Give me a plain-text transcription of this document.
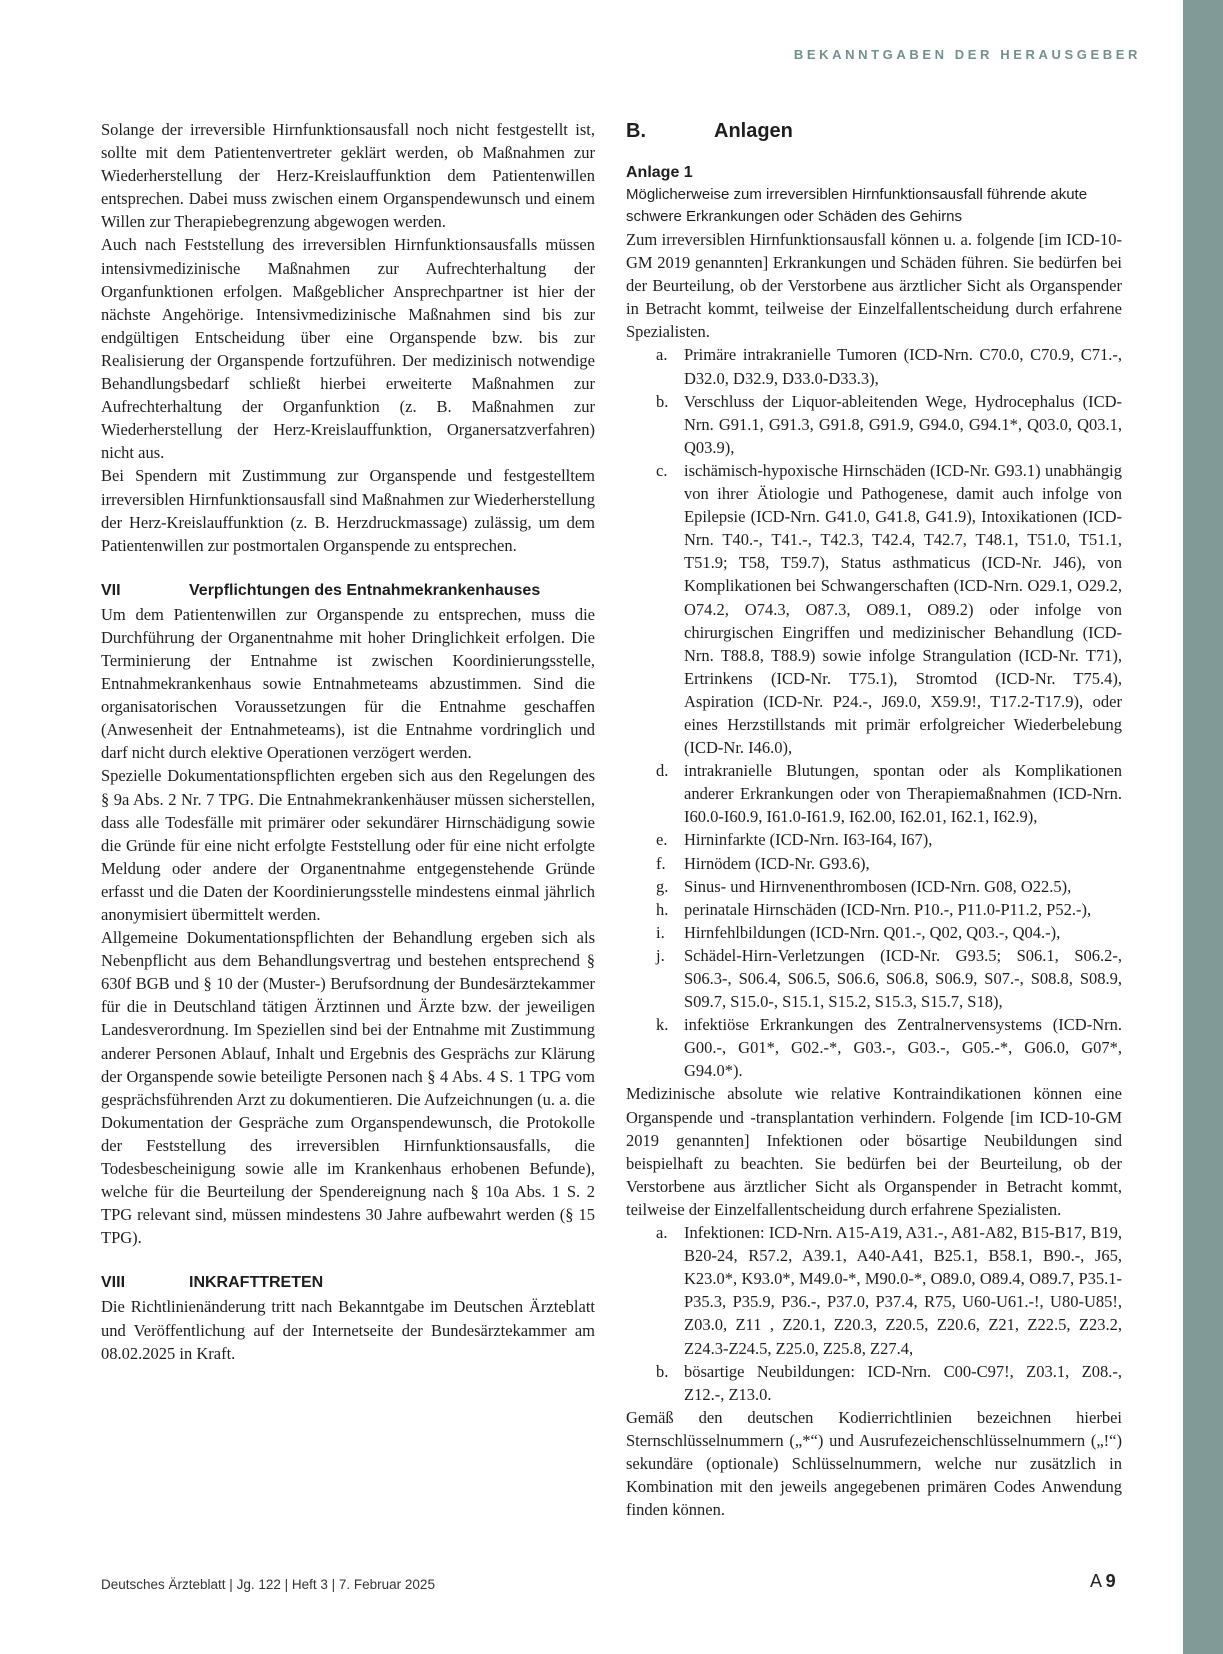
BEKANNTGABEN DER HERAUSGEBER

Solange der irreversible Hirnfunktionsausfall noch nicht festgestellt ist, sollte mit dem Patientenvertreter geklärt werden, ob Maßnahmen zur Wiederherstellung der Herz-Kreislauffunktion dem Patientenwillen entsprechen. Dabei muss zwischen einem Organspendewunsch und einem Willen zur Therapiebegrenzung abgewogen werden.

Auch nach Feststellung des irreversiblen Hirnfunktionsausfalls müssen intensivmedizinische Maßnahmen zur Aufrechterhaltung der Organfunktionen erfolgen. Maßgeblicher Ansprechpartner ist hier der nächste Angehörige. Intensivmedizinische Maßnahmen sind bis zur endgültigen Entscheidung über eine Organspende bzw. bis zur Realisierung der Organspende fortzuführen. Der medizinisch notwendige Behandlungsbedarf schließt hierbei erweiterte Maßnahmen zur Aufrechterhaltung der Organfunktion (z. B. Maßnahmen zur Wiederherstellung der Herz-Kreislauffunktion, Organersatzverfahren) nicht aus.

Bei Spendern mit Zustimmung zur Organspende und festgestelltem irreversiblen Hirnfunktionsausfall sind Maßnahmen zur Wiederherstellung der Herz-Kreislauffunktion (z. B. Herzdruckmassage) zulässig, um dem Patientenwillen zur postmortalen Organspende zu entsprechen.

VII	Verpflichtungen des Entnahmekrankenhauses

Um dem Patientenwillen zur Organspende zu entsprechen, muss die Durchführung der Organentnahme mit hoher Dringlichkeit erfolgen. Die Terminierung der Entnahme ist zwischen Koordinierungsstelle, Entnahmekrankenhaus sowie Entnahmeteams abzustimmen. Sind die organisatorischen Voraussetzungen für die Entnahme geschaffen (Anwesenheit der Entnahmeteams), ist die Entnahme vordringlich und darf nicht durch elektive Operationen verzögert werden.

Spezielle Dokumentationspflichten ergeben sich aus den Regelungen des § 9a Abs. 2 Nr. 7 TPG. Die Entnahmekrankenhäuser müssen sicherstellen, dass alle Todesfälle mit primärer oder sekundärer Hirnschädigung sowie die Gründe für eine nicht erfolgte Feststellung oder für eine nicht erfolgte Meldung oder andere der Organentnahme entgegenstehende Gründe erfasst und die Daten der Koordinierungsstelle mindestens einmal jährlich anonymisiert übermittelt werden.

Allgemeine Dokumentationspflichten der Behandlung ergeben sich als Nebenpflicht aus dem Behandlungsvertrag und bestehen entsprechend § 630f BGB und § 10 der (Muster-) Berufsordnung der Bundesärztekammer für die in Deutschland tätigen Ärztinnen und Ärzte bzw. der jeweiligen Landesverordnung. Im Speziellen sind bei der Entnahme mit Zustimmung anderer Personen Ablauf, Inhalt und Ergebnis des Gesprächs zur Klärung der Organspende sowie beteiligte Personen nach § 4 Abs. 4 S. 1 TPG vom gesprächsführenden Arzt zu dokumentieren. Die Aufzeichnungen (u. a. die Dokumentation der Gespräche zum Organspendewunsch, die Protokolle der Feststellung des irreversiblen Hirnfunktionsausfalls, die Todesbescheinigung sowie alle im Krankenhaus erhobenen Befunde), welche für die Beurteilung der Spendereignung nach § 10a Abs. 1 S. 2 TPG relevant sind, müssen mindestens 30 Jahre aufbewahrt werden (§ 15 TPG).

VIII	INKRAFTTRETEN

Die Richtlinienänderung tritt nach Bekanntgabe im Deutschen Ärzteblatt und Veröffentlichung auf der Internetseite der Bundesärztekammer am 08.02.2025 in Kraft.

B.	Anlagen
Anlage 1
Möglicherweise zum irreversiblen Hirnfunktionsausfall führende akute schwere Erkrankungen oder Schäden des Gehirns

Zum irreversiblen Hirnfunktionsausfall können u. a. folgende [im ICD-10-GM 2019 genannten] Erkrankungen und Schäden führen. Sie bedürfen bei der Beurteilung, ob der Verstorbene aus ärztlicher Sicht als Organspender in Betracht kommt, teilweise der Einzelfallentscheidung durch erfahrene Spezialisten.

a.	Primäre intrakranielle Tumoren (ICD-Nrn. C70.0, C70.9, C71.-, D32.0, D32.9, D33.0-D33.3),
b. Verschluss der Liquor-ableitenden Wege, Hydrocephalus (ICD-Nrn. G91.1, G91.3, G91.8, G91.9, G94.0, G94.1*, Q03.0, Q03.1, Q03.9),
c.	ischämisch-hypoxische Hirnschäden (ICD-Nr. G93.1) unabhängig von ihrer Ätiologie und Pathogenese, damit auch infolge von Epilepsie (ICD-Nrn. G41.0, G41.8, G41.9), Intoxikationen (ICD-Nrn. T40.-, T41.-, T42.3, T42.4, T42.7, T48.1, T51.0, T51.1, T51.9; T58, T59.7), Status asthmaticus (ICD-Nr. J46), von Komplikationen bei Schwangerschaften (ICD-Nrn. O29.1, O29.2, O74.2, O74.3, O87.3, O89.1, O89.2) oder infolge von chirurgischen Eingriffen und medizinischer Behandlung (ICD-Nrn. T88.8, T88.9) sowie infolge Strangulation (ICD-Nr. T71), Ertrinkens (ICD-Nr. T75.1), Stromtod (ICD-Nr. T75.4), Aspiration (ICD-Nr. P24.-, J69.0, X59.9!, T17.2-T17.9), oder eines Herzstillstands mit primär erfolgreicher Wiederbelebung (ICD-Nr. I46.0),
d. intrakranielle Blutungen, spontan oder als Komplikationen anderer Erkrankungen oder von Therapiemaßnahmen (ICD-Nrn. I60.0-I60.9, I61.0-I61.9, I62.00, I62.01, I62.1, I62.9),
e.	Hirninfarkte (ICD-Nrn. I63-I64, I67),
f.	Hirnödem (ICD-Nr. G93.6),
g. Sinus- und Hirnvenenthrombosen (ICD-Nrn. G08, O22.5),
h. perinatale Hirnschäden (ICD-Nrn. P10.-, P11.0-P11.2, P52.-),
i.	Hirnfehlbildungen (ICD-Nrn. Q01.-, Q02, Q03.-, Q04.-),
j.	Schädel-Hirn-Verletzungen (ICD-Nr. G93.5; S06.1, S06.2-, S06.3-, S06.4, S06.5, S06.6, S06.8, S06.9, S07.-, S08.8, S08.9, S09.7, S15.0-, S15.1, S15.2, S15.3, S15.7, S18),
k. infektiöse Erkrankungen des Zentralnervensystems (ICD-Nrn. G00.-, G01*, G02.-*, G03.-, G03.-, G05.-*, G06.0, G07*, G94.0*).

Medizinische absolute wie relative Kontraindikationen können eine Organspende und -transplantation verhindern. Folgende [im ICD-10-GM 2019 genannten] Infektionen oder bösartige Neubildungen sind beispielhaft zu beachten. Sie bedürfen bei der Beurteilung, ob der Verstorbene aus ärztlicher Sicht als Organspender in Betracht kommt, teilweise der Einzelfallentscheidung durch erfahrene Spezialisten.

a.	Infektionen: ICD-Nrn. A15-A19, A31.-, A81-A82, B15-B17, B19, B20-24, R57.2, A39.1, A40-A41, B25.1, B58.1, B90.-, J65, K23.0*, K93.0*, M49.0-*, M90.0-*, O89.0, O89.4, O89.7, P35.1-P35.3, P35.9, P36.-, P37.0, P37.4, R75, U60-U61.-!, U80-U85!, Z03.0, Z11 , Z20.1, Z20.3, Z20.5, Z20.6, Z21, Z22.5, Z23.2, Z24.3-Z24.5, Z25.0, Z25.8, Z27.4,
b. bösartige Neubildungen: ICD-Nrn. C00-C97!, Z03.1, Z08.-, Z12.-, Z13.0.

Gemäß den deutschen Kodierrichtlinien bezeichnen hierbei Sternschlüsselnummern („*“) und Ausrufezeichenschlüsselnummern („!“) sekundäre (optionale) Schlüsselnummern, welche nur zusätzlich in Kombination mit den jeweils angegebenen primären Codes Anwendung finden können.

Deutsches Ärzteblatt | Jg. 122 | Heft 3 | 7. Februar 2025	A  9
